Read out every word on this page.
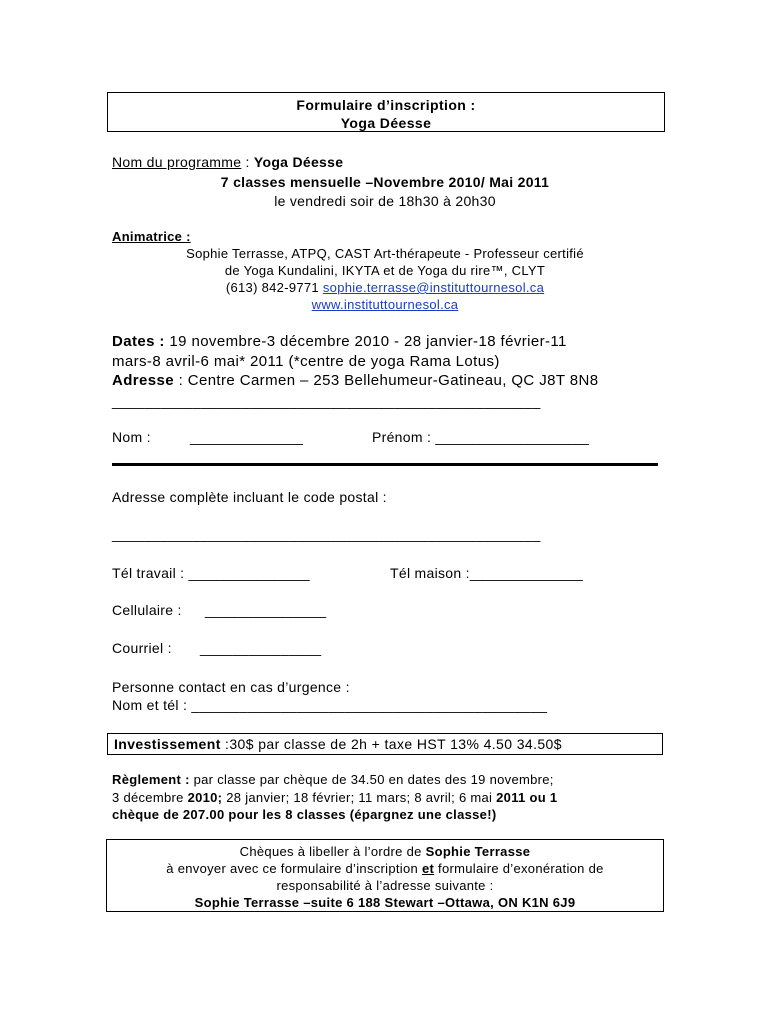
Formulaire d’inscription :
Yoga Déesse
Nom du programme : Yoga Déesse
7 classes mensuelle –Novembre 2010/ Mai 2011
le vendredi soir de 18h30 à 20h30
Animatrice :
Sophie Terrasse, ATPQ, CAST Art-thérapeute - Professeur certifié
de Yoga Kundalini, IKYTA et de Yoga du rire™, CLYT
(613) 842-9771 sophie.terrasse@instituttournesol.ca
www.instituttournesol.ca
Dates : 19 novembre-3 décembre 2010 - 28 janvier-18 février-11
mars-8 avril-6 mai* 2011 (*centre de yoga Rama Lotus)
Adresse : Centre Carmen – 253 Bellehumeur-Gatineau, QC J8T 8N8
_____________________________________________________
Nom :	______________	Prénom : ___________________
Adresse complète incluant le code postal :
_____________________________________________________
Tél travail : _______________	Tél maison :______________
Cellulaire : _______________
Courriel : _______________
Personne contact en cas d’urgence :
Nom et tél : ____________________________________________
Investissement :30$ par classe de 2h + taxe HST 13% 4.50 34.50$
Règlement : par classe par chèque de 34.50 en dates des 19 novembre;
3 décembre 2010; 28 janvier; 18 février; 11 mars; 8 avril; 6 mai 2011 ou 1
chèque de 207.00 pour les 8 classes (épargnez une classe!)
Chèques à libeller à l’ordre de Sophie Terrasse
à envoyer avec ce formulaire d’inscription et formulaire d’exonération de
responsabilité à l’adresse suivante :
Sophie Terrasse –suite 6 188 Stewart –Ottawa, ON K1N 6J9
